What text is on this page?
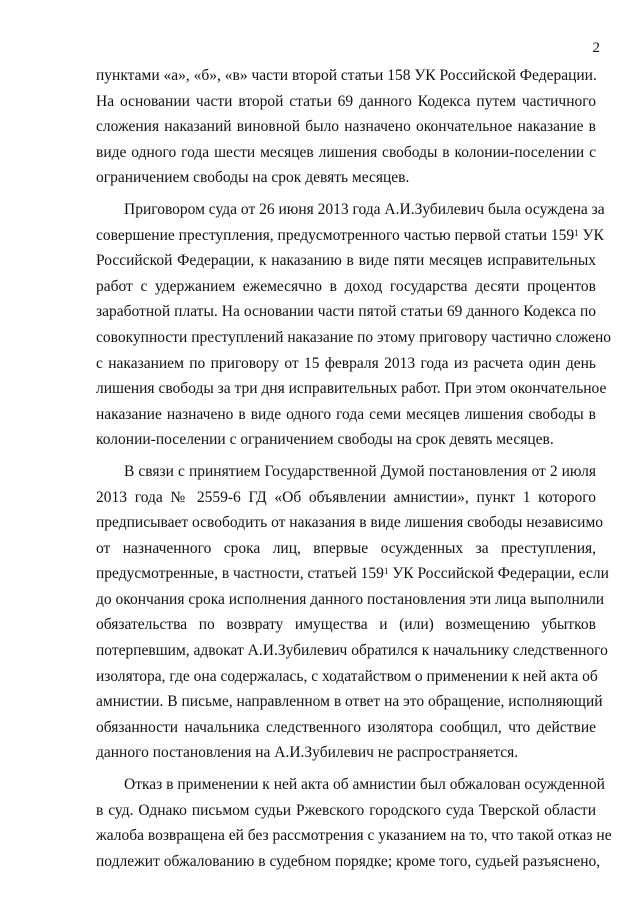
2
пунктами «а», «б», «в» части второй статьи 158 УК Российской Федерации.
На основании части второй статьи 69 данного Кодекса путем частичного
сложения наказаний виновной было назначено окончательное наказание в
виде одного года шести месяцев лишения свободы в колонии-поселении с
ограничением свободы на срок девять месяцев.
Приговором суда от 26 июня 2013 года А.И.Зубилевич была осуждена за
совершение преступления, предусмотренного частью первой статьи $159^1$ УК
Российской Федерации, к наказанию в виде пяти месяцев исправительных
работ с удержанием ежемесячно в доход государства десяти процентов
заработной платы. На основании части пятой статьи 69 данного Кодекса по
совокупности преступлений наказание по этому приговору частично сложено
с наказанием по приговору от 15 февраля 2013 года из расчета один день
лишения свободы за три дня исправительных работ. При этом окончательное
наказание назначено в виде одного года семи месяцев лишения свободы в
колонии-поселении с ограничением свободы на срок девять месяцев.
В связи с принятием Государственной Думой постановления от 2 июля
2013 года № 2559-6 ГД «Об объявлении амнистии», пункт 1 которого
предписывает освободить от наказания в виде лишения свободы независимо
от назначенного срока лиц, впервые осужденных за преступления,
предусмотренные, в частности, статьей $159^1$ УК Российской Федерации, если
до окончания срока исполнения данного постановления эти лица выполнили
обязательства по возврату имущества и (или) возмещению убытков
потерпевшим, адвокат А.И.Зубилевич обратился к начальнику следственного
изолятора, где она содержалась, с ходатайством о применении к ней акта об
амнистии. В письме, направленном в ответ на это обращение, исполняющий
обязанности начальника следственного изолятора сообщил, что действие
данного постановления на А.И.Зубилевич не распространяется.
Отказ в применении к ней акта об амнистии был обжалован осужденной
в суд. Однако письмом судьи Ржевского городского суда Тверской области
жалоба возвращена ей без рассмотрения с указанием на то, что такой отказ не
подлежит обжалованию в судебном порядке; кроме того, судьей разъяснено,
